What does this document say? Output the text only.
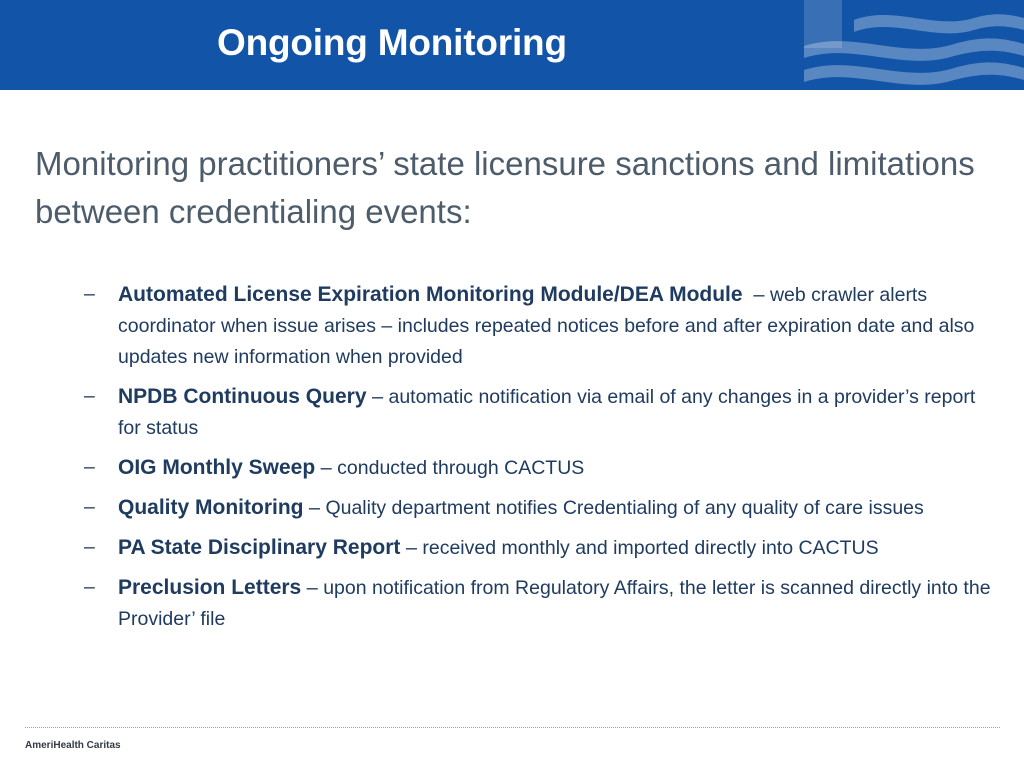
Ongoing Monitoring
Monitoring practitioners’ state licensure sanctions and limitations between credentialing events:
– Automated License Expiration Monitoring Module/DEA Module – web crawler alerts coordinator when issue arises – includes repeated notices before and after expiration date and also updates new information when provided
– NPDB Continuous Query – automatic notification via email of any changes in a provider’s report for status
– OIG Monthly Sweep – conducted through CACTUS
– Quality Monitoring – Quality department notifies Credentialing of any quality of care issues
– PA State Disciplinary Report – received monthly and imported directly into CACTUS
– Preclusion Letters – upon notification from Regulatory Affairs, the letter is scanned directly into the Provider’ file
AmeriHealth Caritas
